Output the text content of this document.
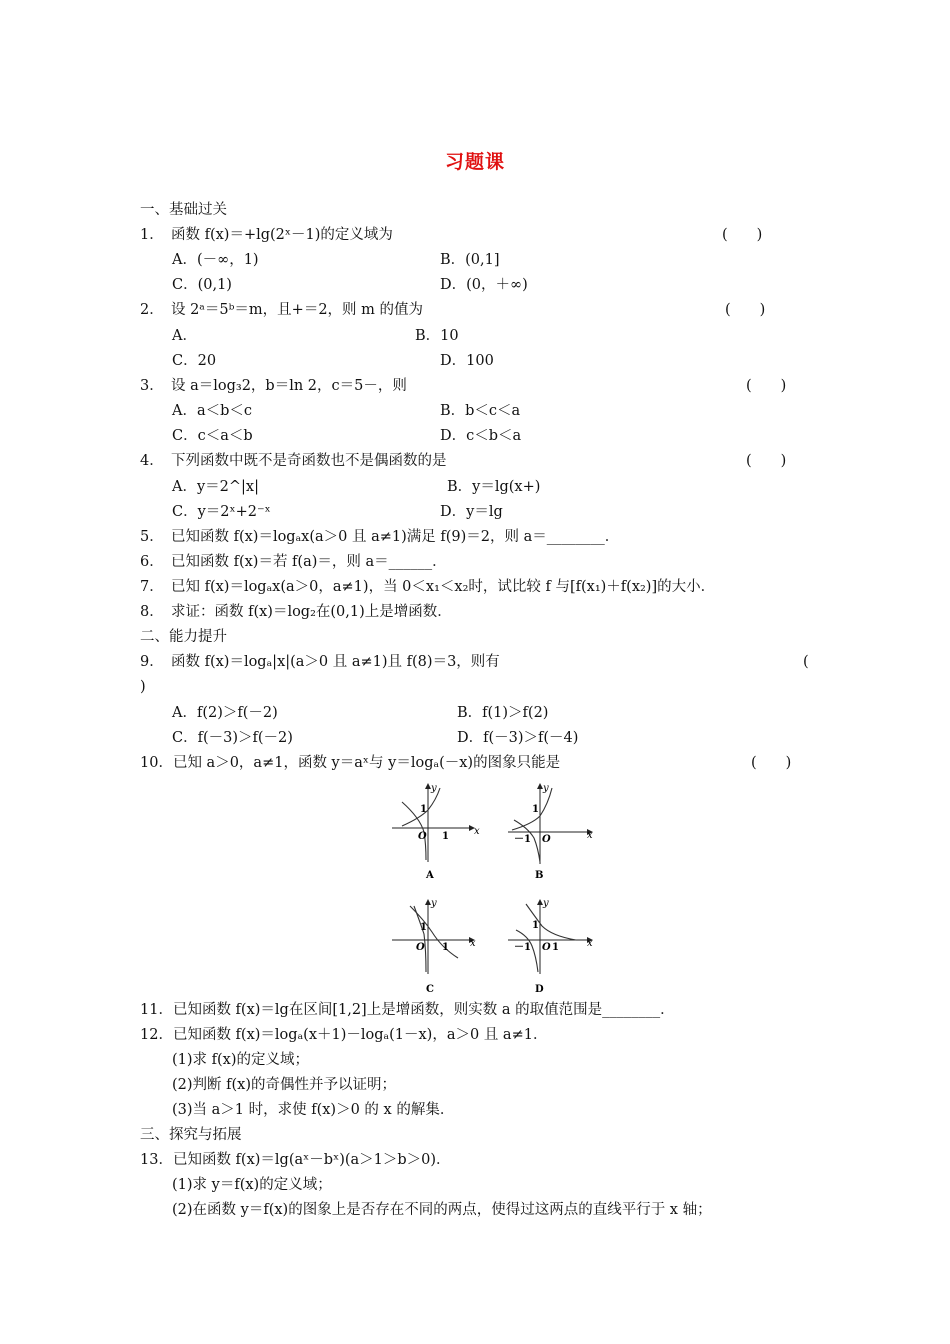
习题课
一、基础过关
1．　函数 f(x)＝+lg(2ˣ－1)的定义域为	(　　)
A．(－∞，1)	B．(0,1]
C．(0,1)	D．(0，＋∞)
2．　设 2ᵃ＝5ᵇ＝m，且+＝2，则 m 的值为	(　　)
A．	B．10
C．20	D．100
3．　设 a＝log₃2，b＝ln 2，c＝5－，则	(　　)
A．a＜b＜c	B．b＜c＜a
C．c＜a＜b	D．c＜b＜a
4．　下列函数中既不是奇函数也不是偶函数的是	(　　)
A．y＝2^|x|	B．y＝lg(x+)
C．y＝2ˣ+2⁻ˣ	D．y＝lg
5．　已知函数 f(x)＝logₐx(a＞0 且 a≠1)满足 f(9)＝2，则 a＝________．
6．　已知函数 f(x)＝若 f(a)＝，则 a＝______．
7．　已知 f(x)＝logₐx(a＞0，a≠1)，当 0＜x₁＜x₂时，试比较 f 与[f(x₁)＋f(x₂)]的大小．
8．　求证：函数 f(x)＝log₂在(0,1)上是增函数．
二、能力提升
9．　函数 f(x)＝logₐ|x|(a＞0 且 a≠1)且 f(8)＝3，则有	(
)
A．f(2)＞f(－2)	B．f(1)＞f(2)
C．f(－3)＞f(－2)	D．f(－3)＞f(－4)
10．已知 a＞0，a≠1，函数 y＝aˣ与 y＝logₐ(－x)的图象只能是	(　　)
x
y
O
1
1
A
x
y
O
1
－1
B
x
y
O
1
1
C
x
y
O
1
－1 1
D
11．已知函数 f(x)＝lg在区间[1,2]上是增函数，则实数 a 的取值范围是________．
12．已知函数 f(x)＝logₐ(x＋1)－logₐ(1－x)，a＞0 且 a≠1．
(1)求 f(x)的定义域；
(2)判断 f(x)的奇偶性并予以证明；
(3)当 a＞1 时，求使 f(x)＞0 的 x 的解集．
三、探究与拓展
13．已知函数 f(x)＝lg(aˣ－bˣ)(a＞1＞b＞0)．
(1)求 y＝f(x)的定义域；
(2)在函数 y＝f(x)的图象上是否存在不同的两点，使得过这两点的直线平行于 x 轴；
